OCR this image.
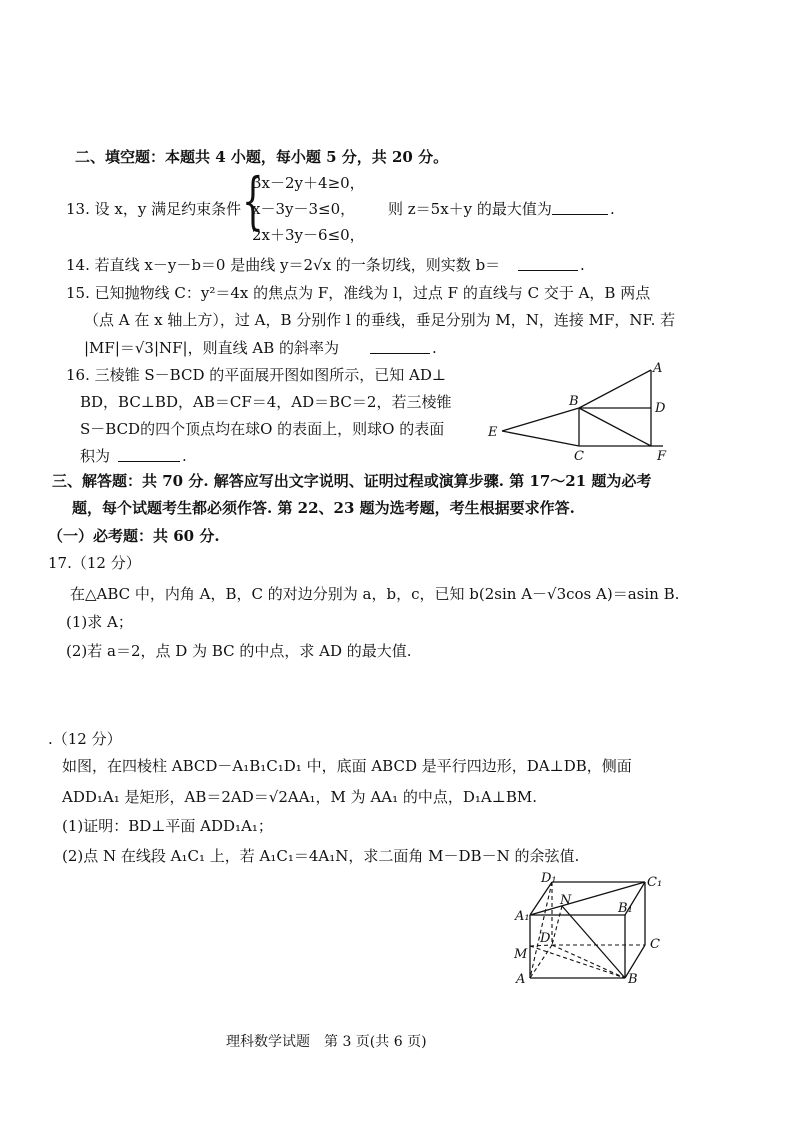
二、填空题：本题共 4 小题，每小题 5 分，共 20 分。
13. 设 x，y 满足约束条件 {
3x－2y＋4≥0，
x－3y－3≤0，
2x＋3y－6≤0，
则 z＝5x＋y 的最大值为	.
14. 若直线 x－y－b＝0 是曲线 y＝2√x 的一条切线，则实数 b＝	.
15. 已知抛物线 C：y²＝4x 的焦点为 F，准线为 l，过点 F 的直线与 C 交于 A，B 两点
（点 A 在 x 轴上方），过 A，B 分别作 l 的垂线，垂足分别为 M，N，连接 MF，NF. 若
|MF|＝√3|NF|，则直线 AB 的斜率为	.
16. 三棱锥 S－BCD 的平面展开图如图所示，已知 AD⊥
BD，BC⊥BD，AB＝CF＝4，AD＝BC＝2，若三棱锥
S－BCD的四个顶点均在球O 的表面上，则球O 的表面
积为	.
A
B	D
E
C	F
三、解答题：共 70 分. 解答应写出文字说明、证明过程或演算步骤. 第 17～21 题为必考
题，每个试题考生都必须作答. 第 22、23 题为选考题，考生根据要求作答.
（一）必考题：共 60 分.
17.（12 分）
在△ABC 中，内角 A，B，C 的对边分别为 a，b，c，已知 b(2sin A－√3cos A)＝asin B.
(1)求 A；
(2)若 a＝2，点 D 为 BC 的中点，求 AD 的最大值.
.（12 分）
如图，在四棱柱 ABCD－A₁B₁C₁D₁ 中，底面 ABCD 是平行四边形，DA⊥DB，侧面
ADD₁A₁ 是矩形，AB＝2AD＝√2AA₁，M 为 AA₁ 的中点，D₁A⊥BM.
(1)证明：BD⊥平面 ADD₁A₁；
(2)点 N 在线段 A₁C₁ 上，若 A₁C₁＝4A₁N，求二面角 M－DB－N 的余弦值.
D₁	C₁
A₁
B₁
N
D	C
M
A	B
理科数学试题　第 3 页(共 6 页)
